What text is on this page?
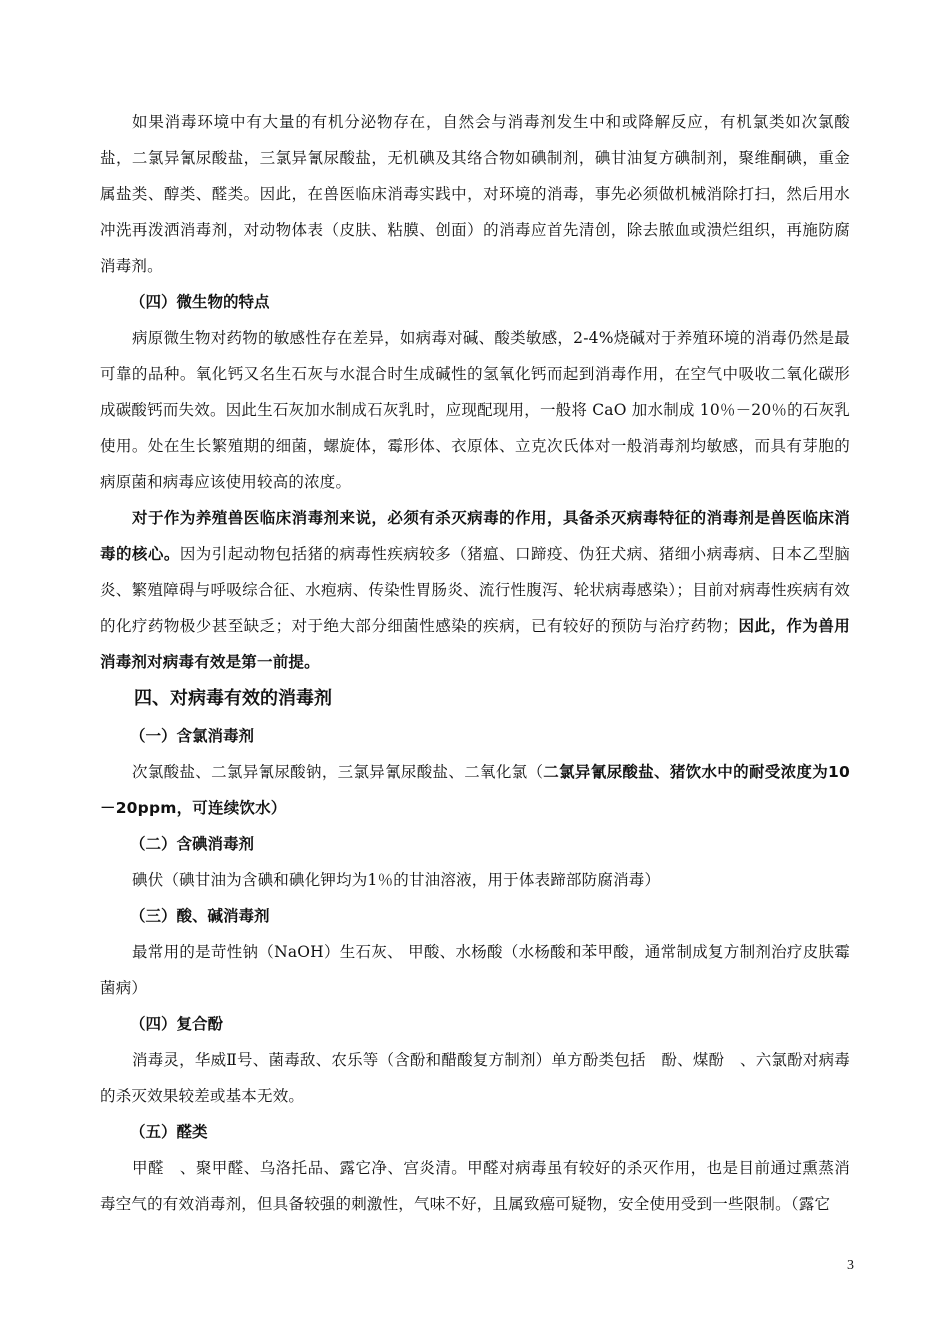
如果消毒环境中有大量的有机分泌物存在，自然会与消毒剂发生中和或降解反应，有机氯类如次氯酸盐，二氯异氰尿酸盐，三氯异氰尿酸盐，无机碘及其络合物如碘制剂，碘甘油复方碘制剂，聚维酮碘，重金属盐类、醇类、醛类。因此，在兽医临床消毒实践中，对环境的消毒，事先必须做机械消除打扫，然后用水冲洗再泼洒消毒剂，对动物体表（皮肤、粘膜、创面）的消毒应首先清创，除去脓血或溃烂组织，再施防腐消毒剂。

（四）微生物的特点

病原微生物对药物的敏感性存在差异，如病毒对碱、酸类敏感，2-4%烧碱对于养殖环境的消毒仍然是最可靠的品种。氧化钙又名生石灰与水混合时生成碱性的氢氧化钙而起到消毒作用，在空气中吸收二氧化碳形成碳酸钙而失效。因此生石灰加水制成石灰乳时，应现配现用，一般将 CaO 加水制成 10％－20％的石灰乳使用。处在生长繁殖期的细菌，螺旋体，霉形体、衣原体、立克次氏体对一般消毒剂均敏感，而具有芽胞的病原菌和病毒应该使用较高的浓度。

对于作为养殖兽医临床消毒剂来说，必须有杀灭病毒的作用，具备杀灭病毒特征的消毒剂是兽医临床消毒的核心。因为引起动物包括猪的病毒性疾病较多（猪瘟、口蹄疫、伪狂犬病、猪细小病毒病、日本乙型脑炎、繁殖障碍与呼吸综合征、水疱病、传染性胃肠炎、流行性腹泻、轮状病毒感染）；目前对病毒性疾病有效的化疗药物极少甚至缺乏；对于绝大部分细菌性感染的疾病，已有较好的预防与治疗药物；因此，作为兽用消毒剂对病毒有效是第一前提。

四、对病毒有效的消毒剂
（一）含氯消毒剂

次氯酸盐、二氯异氰尿酸钠，三氯异氰尿酸盐、二氧化氯（二氯异氰尿酸盐、猪饮水中的耐受浓度为10－20ppm，可连续饮水）

（二）含碘消毒剂

碘伏（碘甘油为含碘和碘化钾均为1％的甘油溶液，用于体表蹄部防腐消毒）

（三）酸、碱消毒剂

最常用的是苛性钠（NaOH）生石灰、 甲酸、水杨酸（水杨酸和苯甲酸，通常制成复方制剂治疗皮肤霉菌病）

（四）复合酚

消毒灵，华威Ⅱ号、菌毒敌、农乐等（含酚和醋酸复方制剂）单方酚类包括　酚、煤酚　、六氯酚对病毒的杀灭效果较差或基本无效。

（五）醛类

甲醛　、聚甲醛、乌洛托品、露它净、宫炎清。甲醛对病毒虽有较好的杀灭作用，也是目前通过熏蒸消毒空气的有效消毒剂，但具备较强的刺激性，气味不好，且属致癌可疑物，安全使用受到一些限制。（露它

3
